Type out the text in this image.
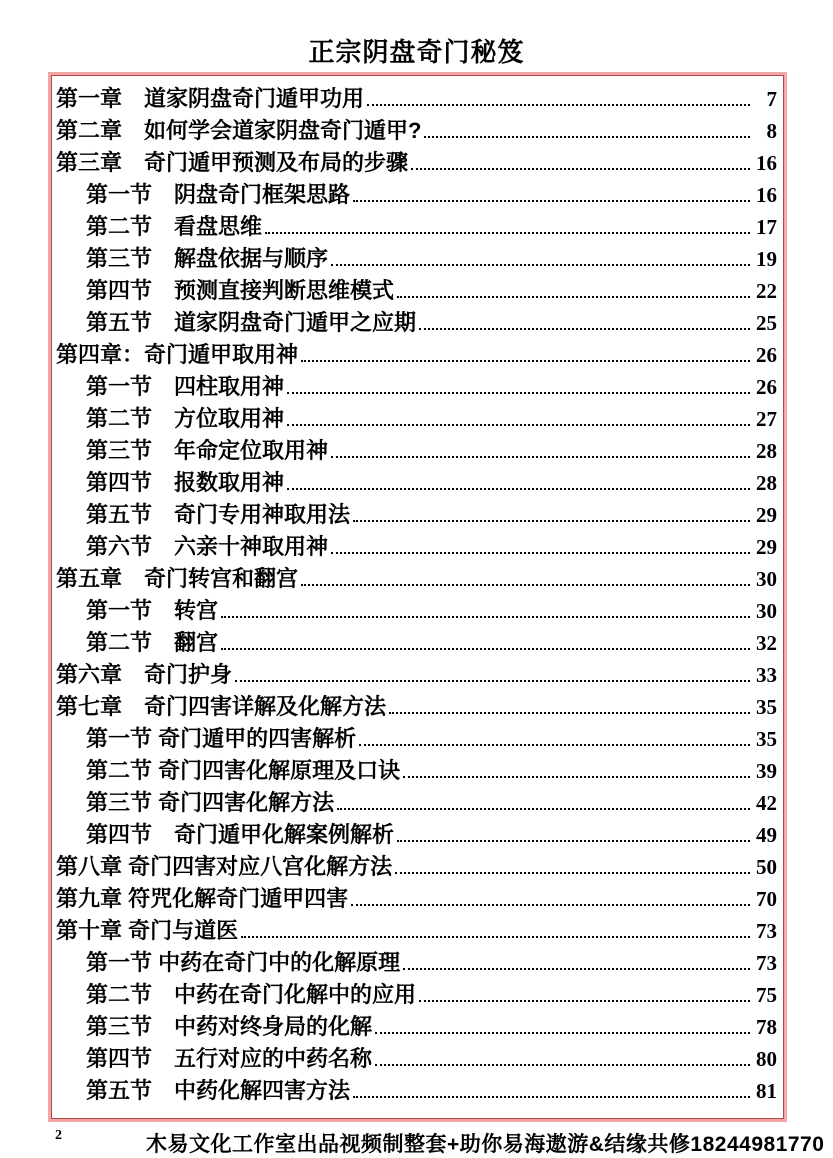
正宗阴盘奇门秘笈
第一章　道家阴盘奇门遁甲功用	7
第二章　如何学会道家阴盘奇门遁甲?	8
第三章　奇门遁甲预测及布局的步骤	16
第一节　阴盘奇门框架思路	16
第二节　看盘思维	17
第三节　解盘依据与顺序	19
第四节　预测直接判断思维模式	22
第五节　道家阴盘奇门遁甲之应期	25
第四章：奇门遁甲取用神	26
第一节　四柱取用神	26
第二节　方位取用神	27
第三节　年命定位取用神	28
第四节　报数取用神	28
第五节　奇门专用神取用法	29
第六节　六亲十神取用神	29
第五章　奇门转宫和翻宫	30
第一节　转宫	30
第二节　翻宫	32
第六章　奇门护身	33
第七章　奇门四害详解及化解方法	35
第一节 奇门遁甲的四害解析	35
第二节 奇门四害化解原理及口诀	39
第三节 奇门四害化解方法	42
第四节　奇门遁甲化解案例解析	49
第八章 奇门四害对应八宫化解方法	50
第九章 符咒化解奇门遁甲四害	70
第十章 奇门与道医	73
第一节 中药在奇门中的化解原理	73
第二节　中药在奇门化解中的应用	75
第三节　中药对终身局的化解	78
第四节　五行对应的中药名称	80
第五节　中药化解四害方法	81
2	木易文化工作室出品视频制整套+助你易海遨游&结缘共修18244981770
